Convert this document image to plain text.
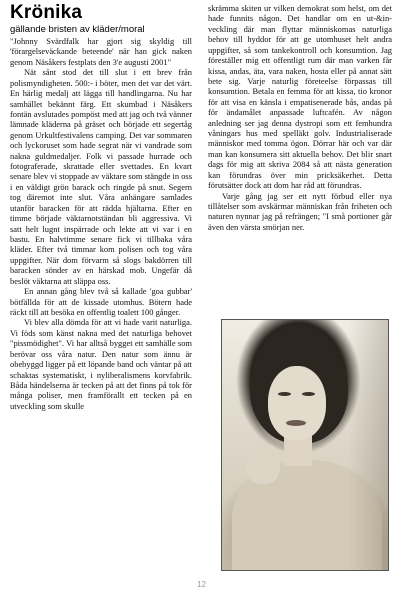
Krönika
gällande bristen av kläder/moral

"Johnny Svärdfalk har gjort sig skyldig till 'förargelseväckande beteende' när han gick naken genom Näsåkers festplats den 3'e augusti 2001"

Nät sånt stod det till slut i ett brev från polismyndigheten. 500:- i böter, men det var det värt. En härlig medalj att lägga till handlingarna. Nu har samhället bekännt färg. Ett skumbad i Näsåkers fontän avslutades pompöst med att jag och två vänner lämnade kläderna på gräset och började ett segertåg genom Urkultfestivalens camping. Det var sommaren och lyckoruset som hade segrat när vi vandrade som nakna guldmedaljer. Folk vi passade hurrade och fotograferade, skrattade eller svettades. En kvart senare blev vi stoppade av väktare som stängde in oss i en väldigt grön barack och ringde på snut. Segern tog däremot inte slut. Våra anhängare samlades utanför baracken för att rädda hjältarna. Efter en timme började väktarnotständan bli aggressiva. Vi satt helt lugnt inspärrade och lekte att vi var i en bastu. En halvtimme senare fick vi tillbaka våra kläder. Efter två timmar kom polisen och tog våra uppgifter. När dom förvarm så slogs bakdörren till baracken sönder av en härskad mob. Ungefär då beslöt väktarna att släppa oss.

En annan gång blev två så kallade 'goa gubbar' bötfällda för att de kissade utomhus. Bötern hade räckt till att besöka en offentlig toalett 100 gånger.

Vi blev alla dömda för att vi hade varit naturliga. Vi föds som känst nakna med det naturliga behovet "pissmödighet". Vi har alltså bygget ett samhälle som berövar oss våra natur. Den natur som ännu är obebyggd ligger på ett löpande band och väntar på att schaktas systematiskt, i nyliberalismens korvfabrik. Båda händelserna är tecken på att det finns på tok för många poliser, men framförallt ett tecken på en utveckling som skulle

skrämma skiten ur vilken demokrat som helst, om det hade funnits någon. Det handlar om en ut-&in-veckling där man flyttar människomas naturliga behov till hyddor för att ge utomhuset helt andra uppgifter, så som tankekontroll och konsumtion. Jag föreställer mig ett offentligt rum där man varken får kissa, andas, äta, vara naken, hosta eller på annat sätt bete sig. Varje naturlig företeelse förpassas till konsumtion. Betala en femma för att kissa, tio kronor för att visa en känsla i empatisenerade bås, andas på för ändamålet anpassade luftcafén. Av någon anledning ser jag denna dystropi som ett femhundra våningars hus med spelläkt golv. Industrialiserade människor med tomma ögon. Dörrar här och var där man kan konsumera sitt aktuella behov. Det blir snart dags för mig att skriva 2084 så att nästa generation kan förundras över min pricksäkerhet. Detta förutsätter dock att dom har råd att förundras.

Varje gång jag ser ett nytt förbud eller nya tillåtelser som avskärmar människan från friheten och naturen nynnar jag på refrängen; "I små portioner går även den värsta smörjan ner.

12
